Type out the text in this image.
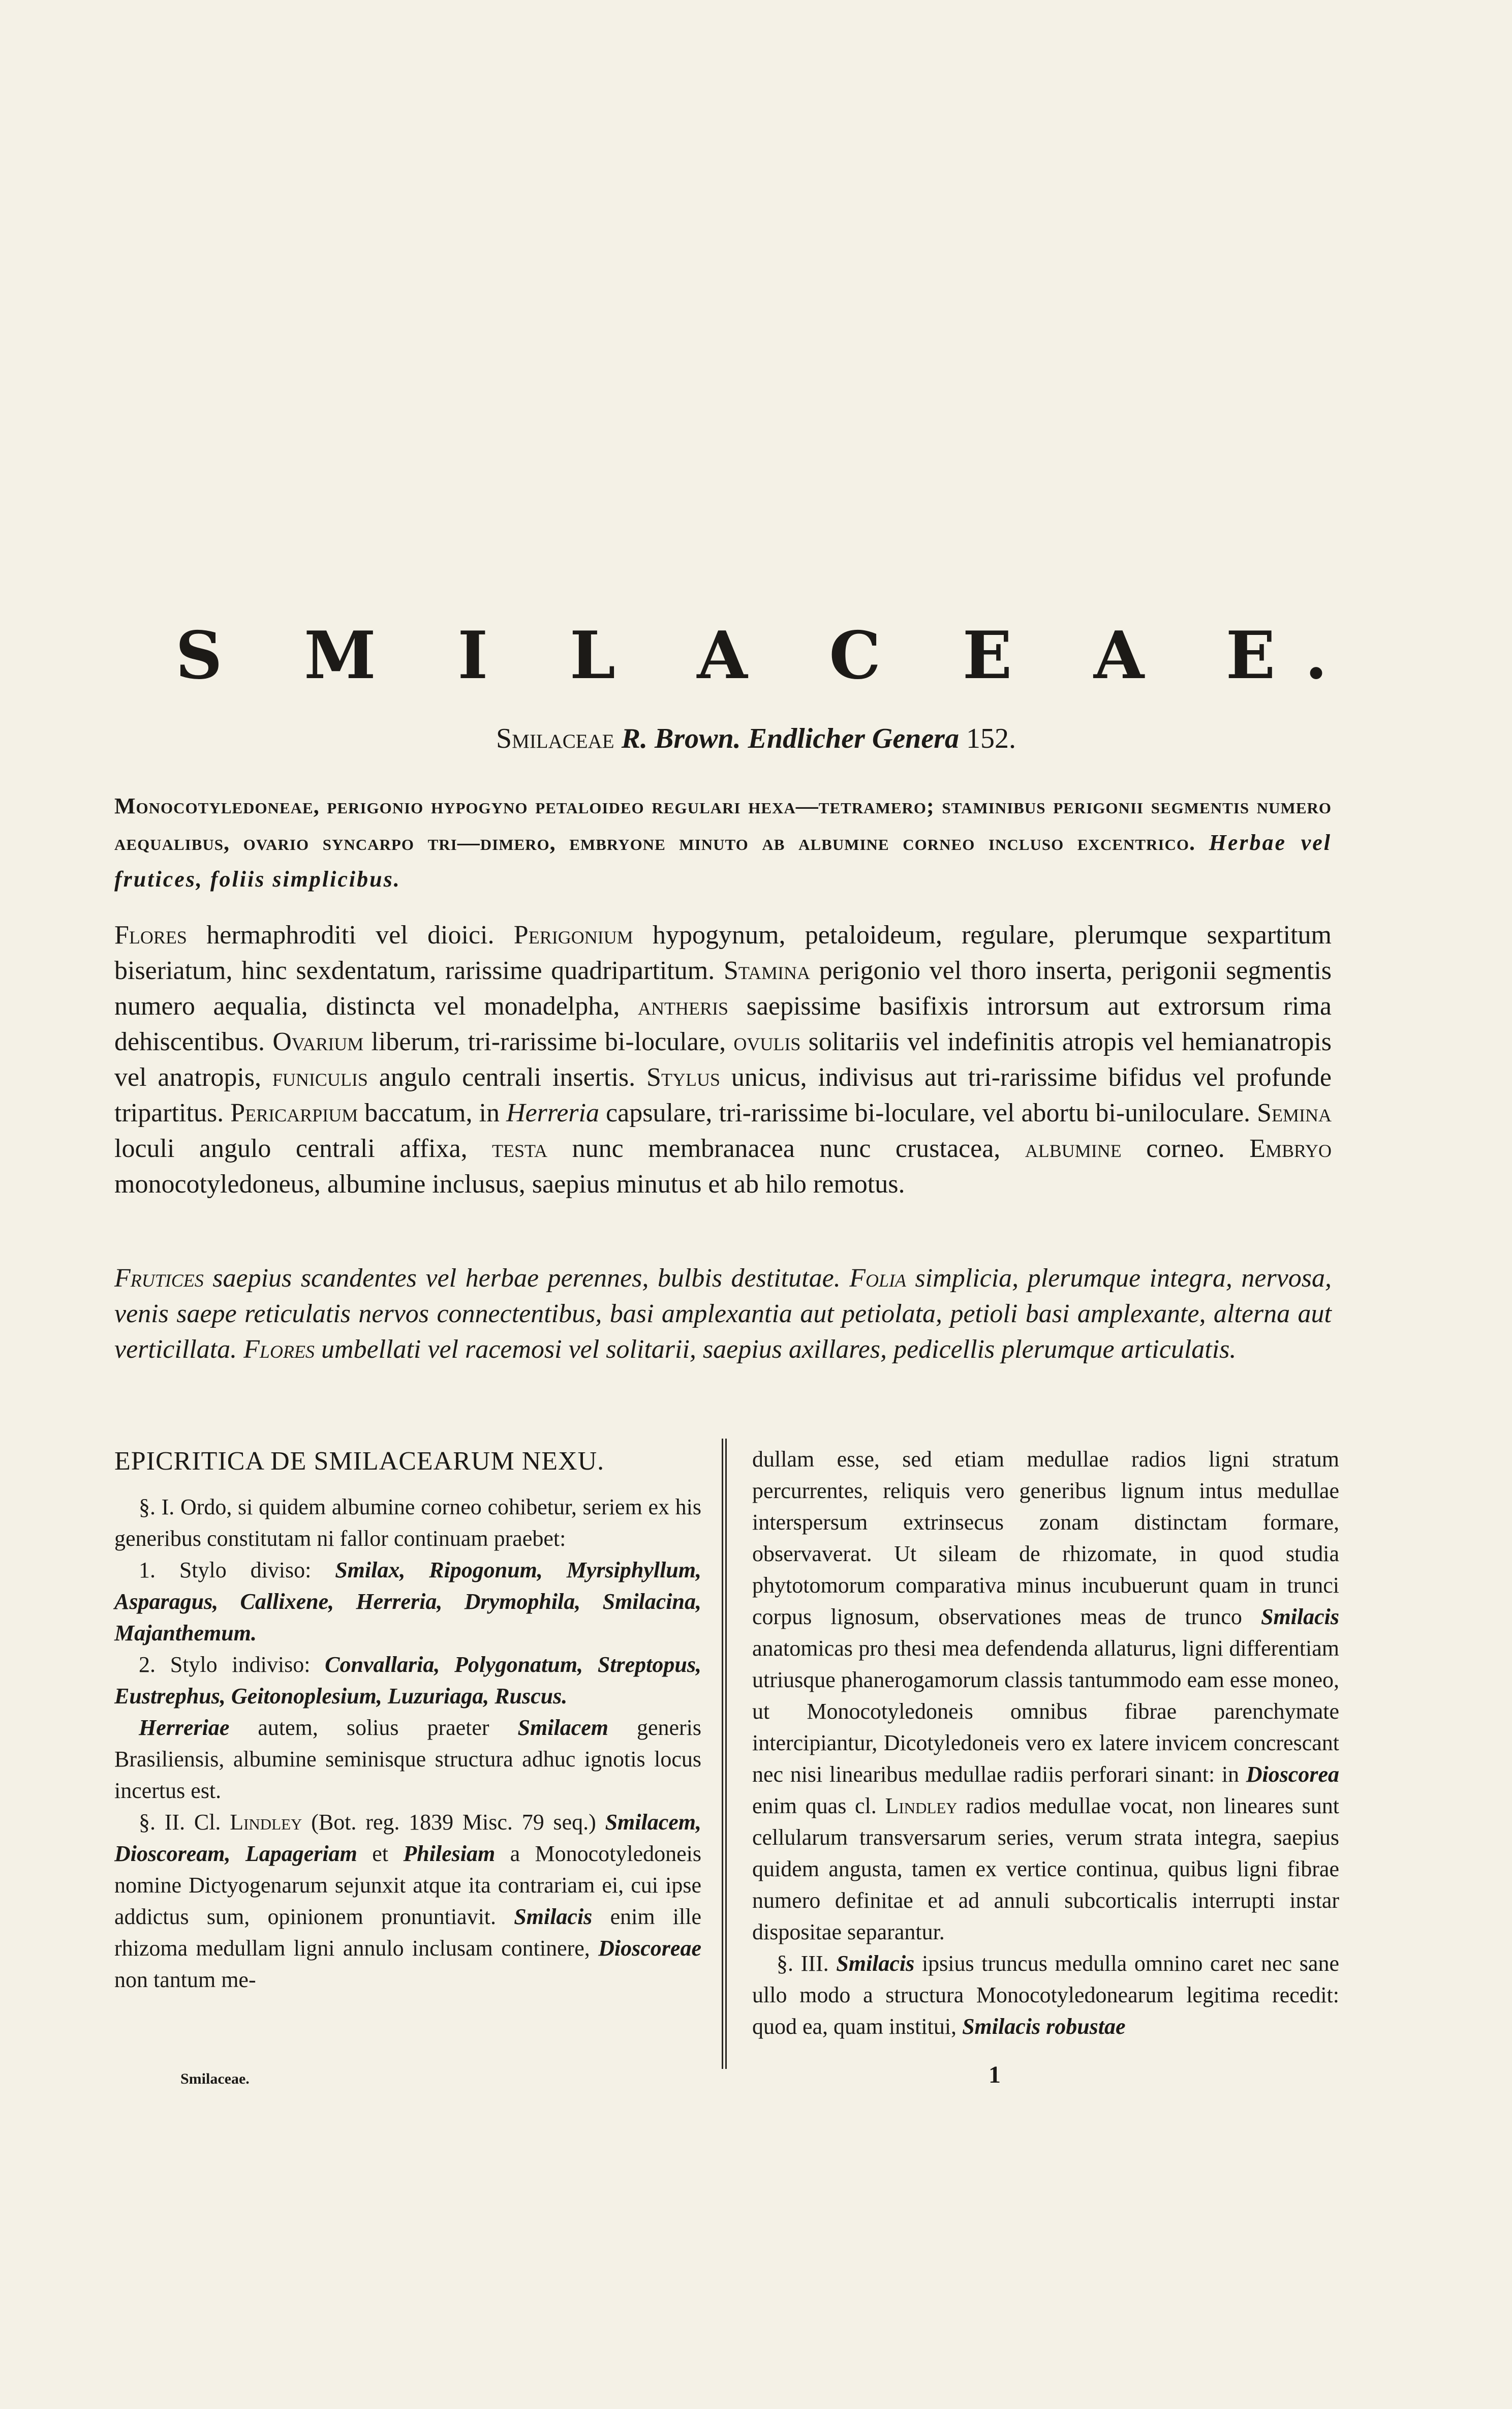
S M I L A C E A E.
Smilaceae R. Brown. Endlicher Genera 152.
Monocotyledoneae, perigonio hypogyno petaloideo regulari hexa—tetramero; staminibus perigonii segmentis numero aequalibus, ovario syncarpo tri—dimero, embryone minuto ab albumine corneo incluso excentrico. Herbae vel frutices, foliis simplicibus.
Flores hermaphroditi vel dioici. Perigonium hypogynum, petaloideum, regulare, plerumque sexpartitum biseriatum, hinc sexdentatum, rarissime quadripartitum. Stamina perigonio vel thoro inserta, perigonii segmentis numero aequalia, distincta vel monadelpha, antheris saepissime basifixis introrsum aut extrorsum rima dehiscentibus. Ovarium liberum, tri-rarissime bi-loculare, ovulis solitariis vel indefinitis atropis vel hemianatropis vel anatropis, funiculis angulo centrali insertis. Stylus unicus, indivisus aut tri-rarissime bifidus vel profunde tripartitus. Pericarpium baccatum, in Herreria capsulare, tri-rarissime bi-loculare, vel abortu bi-uniloculare. Semina loculi angulo centrali affixa, testa nunc membranacea nunc crustacea, albumine corneo. Embryo monocotyledoneus, albumine inclusus, saepius minutus et ab hilo remotus.
Frutices saepius scandentes vel herbae perennes, bulbis destitutae. Folia simplicia, plerumque integra, nervosa, venis saepe reticulatis nervos connectentibus, basi amplexantia aut petiolata, petioli basi amplexante, alterna aut verticillata. Flores umbellati vel racemosi vel solitarii, saepius axillares, pedicellis plerumque articulatis.
EPICRITICA DE SMILACEARUM NEXU.

§. I. Ordo, si quidem albumine corneo cohibetur, seriem ex his generibus constitutam ni fallor continuam praebet:

1. Stylo diviso: Smilax, Ripogonum, Myrsiphyllum, Asparagus, Callixene, Herreria, Drymophila, Smilacina, Majanthemum.

2. Stylo indiviso: Convallaria, Polygonatum, Streptopus, Eustrephus, Geitonoplesium, Luzuriaga, Ruscus.

Herreriae autem, solius praeter Smilacem generis Brasiliensis, albumine seminisque structura adhuc ignotis locus incertus est.

§. II. Cl. Lindley (Bot. reg. 1839 Misc. 79 seq.) Smilacem, Dioscoream, Lapageriam et Philesiam a Monocotyledoneis nomine Dictyogenarum sejunxit atque ita contrariam ei, cui ipse addictus sum, opinionem pronuntiavit. Smilacis enim ille rhizoma medullam ligni annulo inclusam continere, Dioscoreae non tantum me-

dullam esse, sed etiam medullae radios ligni stratum percurrentes, reliquis vero generibus lignum intus medullae interspersum extrinsecus zonam distinctam formare, observaverat. Ut sileam de rhizomate, in quod studia phytotomorum comparativa minus incubuerunt quam in trunci corpus lignosum, observationes meas de trunco Smilacis anatomicas pro thesi mea defendenda allaturus, ligni differentiam utriusque phanerogamorum classis tantummodo eam esse moneo, ut Monocotyledoneis omnibus fibrae parenchymate intercipiantur, Dicotyledoneis vero ex latere invicem concrescant nec nisi linearibus medullae radiis perforari sinant: in Dioscorea enim quas cl. Lindley radios medullae vocat, non lineares sunt cellularum transversarum series, verum strata integra, saepius quidem angusta, tamen ex vertice continua, quibus ligni fibrae numero definitae et ad annuli subcorticalis interrupti instar dispositae separantur.

§. III. Smilacis ipsius truncus medulla omnino caret nec sane ullo modo a structura Monocotyledonearum legitima recedit: quod ea, quam institui, Smilacis robustae

Smilaceae.	1
